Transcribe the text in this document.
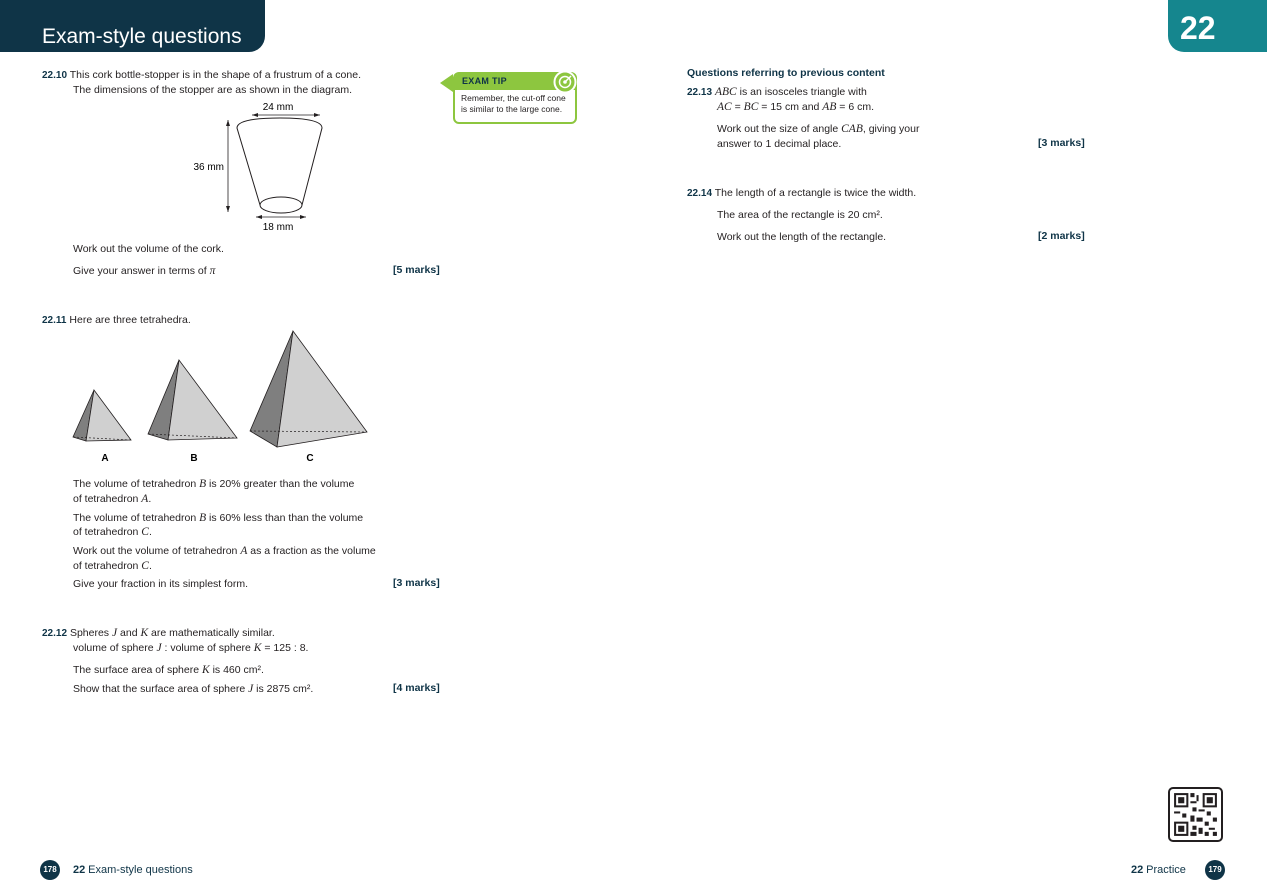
Exam-style questions	22
22.10 This cork bottle-stopper is in the shape of a frustrum of a cone.
The dimensions of the stopper are as shown in the diagram.
24 mm
36 mm
18 mm
Work out the volume of the cork.
Give your answer in terms of π	[5 marks]
EXAM TIP
Remember, the cut-off cone
is similar to the large cone.
22.11 Here are three tetrahedra.
A	B	C
The volume of tetrahedron B is 20% greater than the volume
of tetrahedron A.
The volume of tetrahedron B is 60% less than than the volume
of tetrahedron C.
Work out the volume of tetrahedron A as a fraction as the volume
of tetrahedron C.
Give your fraction in its simplest form.	[3 marks]
22.12 Spheres J and K are mathematically similar.
volume of sphere J : volume of sphere K = 125 : 8.
The surface area of sphere K is 460 cm².
Show that the surface area of sphere J is 2875 cm².	[4 marks]
Questions referring to previous content
22.13 ABC is an isosceles triangle with
AC = BC = 15 cm and AB = 6 cm.
Work out the size of angle CAB, giving your
answer to 1 decimal place.	[3 marks]
22.14 The length of a rectangle is twice the width.
The area of the rectangle is 20 cm².
Work out the length of the rectangle.	[2 marks]
178	22 Exam-style questions	22 Practice	179
